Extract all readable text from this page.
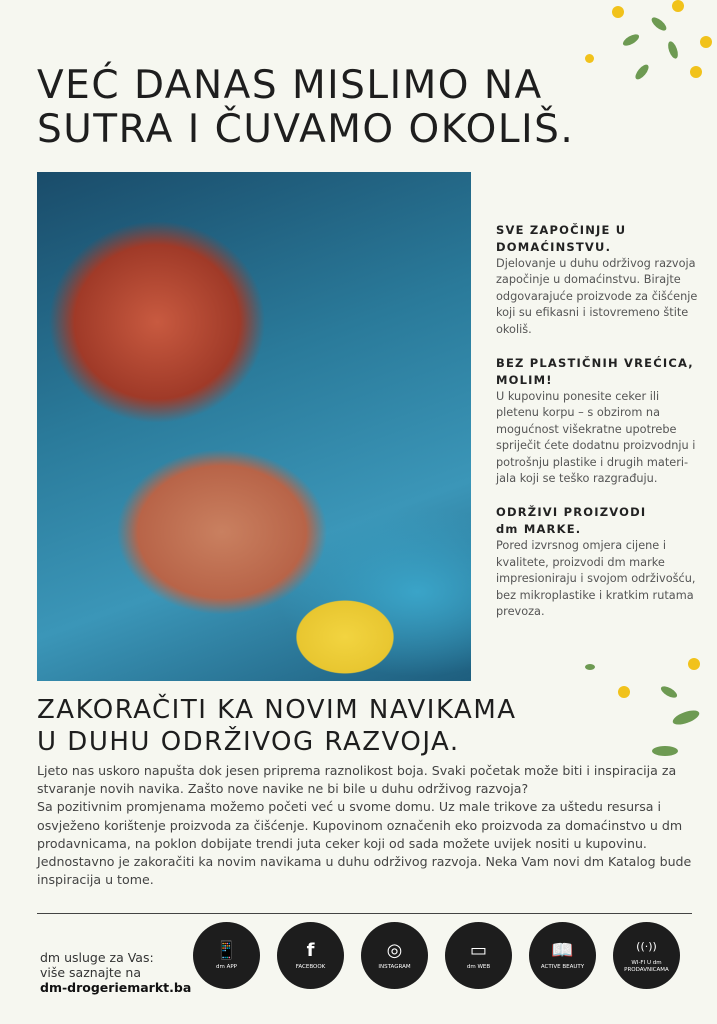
VEĆ DANAS MISLIMO NA
SUTRA I ČUVAMO OKOLIŠ.
SVE ZAPOČINJE U
DOMAĆINSTVU.

Djelovanje u duhu održivog razvoja započinje u domaćinstvu. Birajte odgovarajuće proizvode za čišćenje koji su efikasni i istovremeno štite okoliš.

BEZ PLASTIČNIH VREĆICA,
MOLIM!

U kupovinu ponesite ceker ili pletenu korpu – s obzirom na mogućnost višekratne upotrebe spriječit ćete dodatnu proizvodnju i potrošnju plastike i drugih materi-jala koji se teško razgrađuju.

ODRŽIVI PROIZVODI
dm MARKE.

Pored izvrsnog omjera cijene i kvalitete, proizvodi dm marke impresioniraju i svojom održivošću, bez mikroplastike i kratkim rutama prevoza.

ZAKORAČITI KA NOVIM NAVIKAMA
U DUHU ODRŽIVOG RAZVOJA.

Ljeto nas uskoro napušta dok jesen priprema raznolikost boja. Svaki početak može biti i inspiracija za stvaranje novih navika. Zašto nove navike ne bi bile u duhu održivog razvoja?

Sa pozitivnim promjenama možemo početi već u svome domu. Uz male trikove za uštedu resursa i osvježeno korištenje proizvoda za čišćenje. Kupovinom označenih eko proizvoda za domaćinstvo u dm prodavnicama, na poklon dobijate trendi juta ceker koji od sada možete uvijek nositi u kupovinu. Jednostavno je zakoračiti ka novim navikama u duhu održivog razvoja. Neka Vam novi dm Katalog bude inspiracija u tome.

dm usluge za Vas:
više saznajte na
dm-drogeriemarkt.ba
📱
dm APP
f
FACEBOOK
◎
INSTAGRAM
▭
dm WEB
📖
ACTIVE BEAUTY
((·))
WI-FI U dm PRODAVNICAMA
